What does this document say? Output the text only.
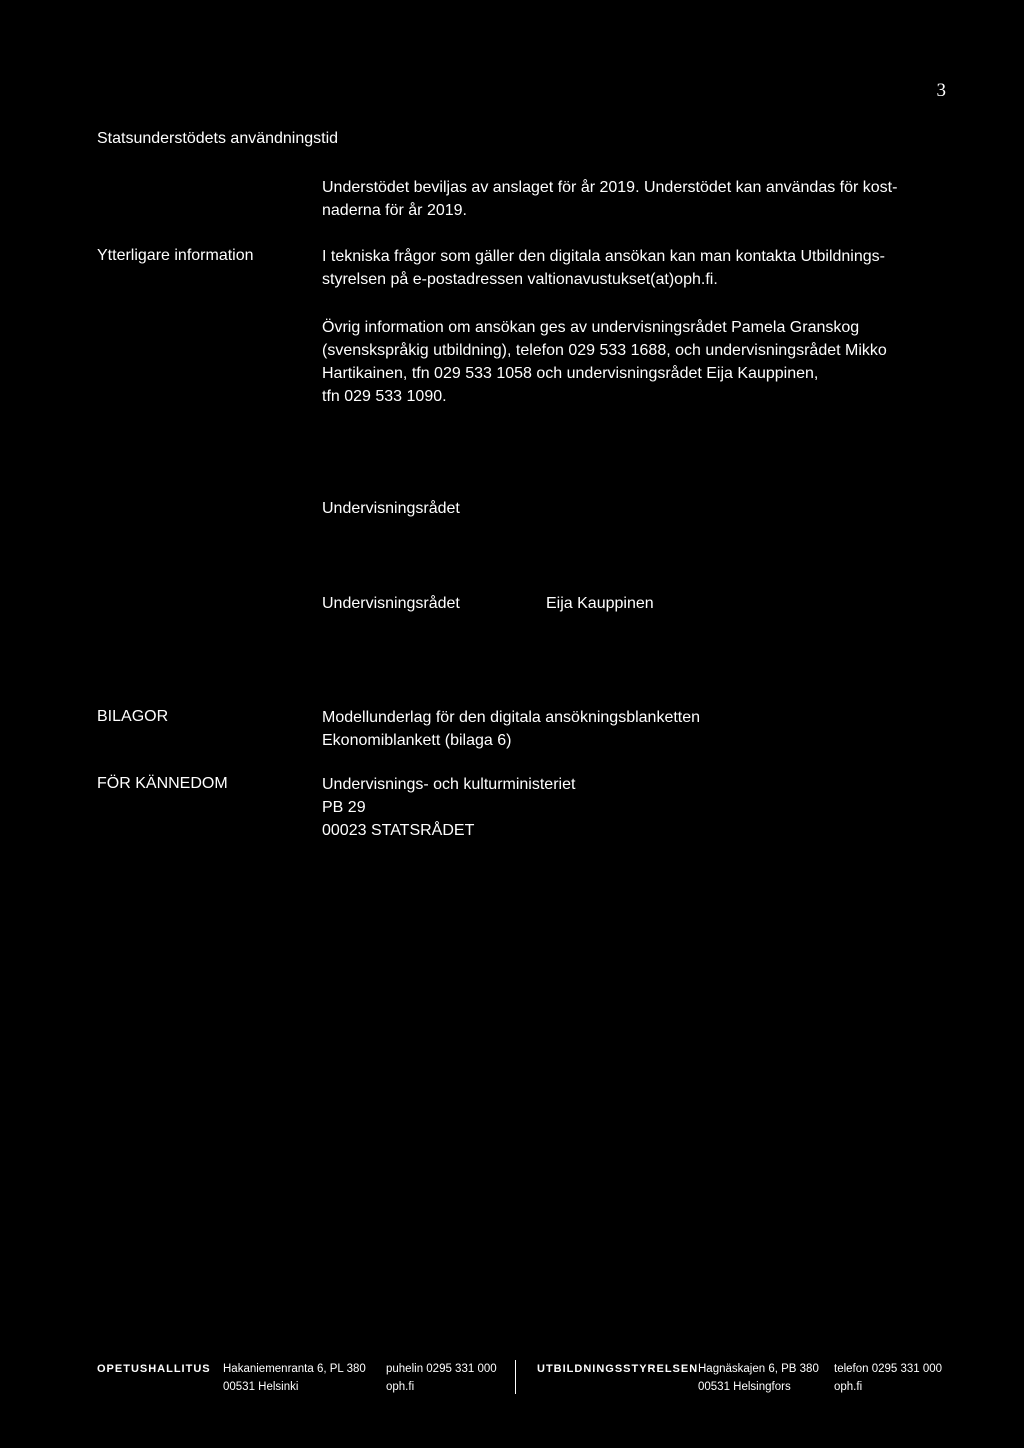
3
Statsunderstödets användningstid
Understödet beviljas av anslaget för år 2019. Understödet kan användas för kost-
naderna för år 2019.
Ytterligare information	I tekniska frågor som gäller den digitala ansökan kan man kontakta Utbildnings-
styrelsen på e-postadressen valtionavustukset(at)oph.fi.
Övrig information om ansökan ges av undervisningsrådet Pamela Granskog
(svenskspråkig utbildning), telefon 029 533 1688, och undervisningsrådet Mikko
Hartikainen, tfn 029 533 1058 och undervisningsrådet Eija Kauppinen,
tfn 029 533 1090.
Undervisningsrådet
Undervisningsrådet	Eija Kauppinen
BILAGOR	Modellunderlag för den digitala ansökningsblanketten
Ekonomiblankett (bilaga 6)
FÖR KÄNNEDOM	Undervisnings- och kulturministeriet
PB 29
00023 STATSRÅDET
OPETUSHALLITUS Hakaniemenranta 6, PL 380
00531 Helsinki
puhelin 0295 331 000
oph.fi
UTBILDNINGSSTYRELSEN Hagnäskajen 6, PB 380
00531 Helsingfors
telefon 0295 331 000
oph.fi
